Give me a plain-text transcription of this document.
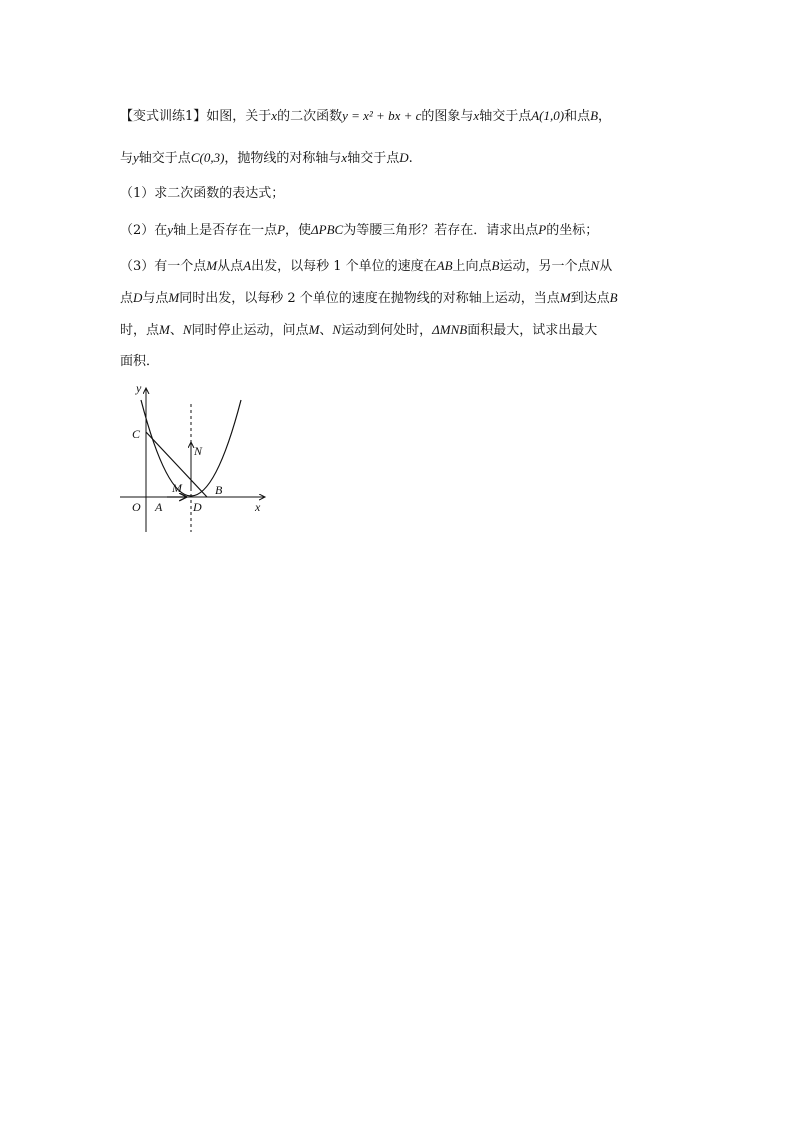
【变式训练1】如图，关于x的二次函数y = x² + bx + c的图象与x轴交于点A(1,0)和点B，
与y轴交于点C(0,3)，抛物线的对称轴与x轴交于点D.
（1）求二次函数的表达式；
（2）在y轴上是否存在一点P，使ΔPBC为等腰三角形？若存在．请求出点P的坐标；
（3）有一个点M从点A出发，以每秒 1 个单位的速度在AB上向点B运动，另一个点N从
点D与点M同时出发，以每秒 2 个单位的速度在抛物线的对称轴上运动，当点M到达点B
时，点M、N同时停止运动，问点M、N运动到何处时，ΔMNB面积最大，试求出最大
面积．
y
x
O
C
N
M
A	D
B
